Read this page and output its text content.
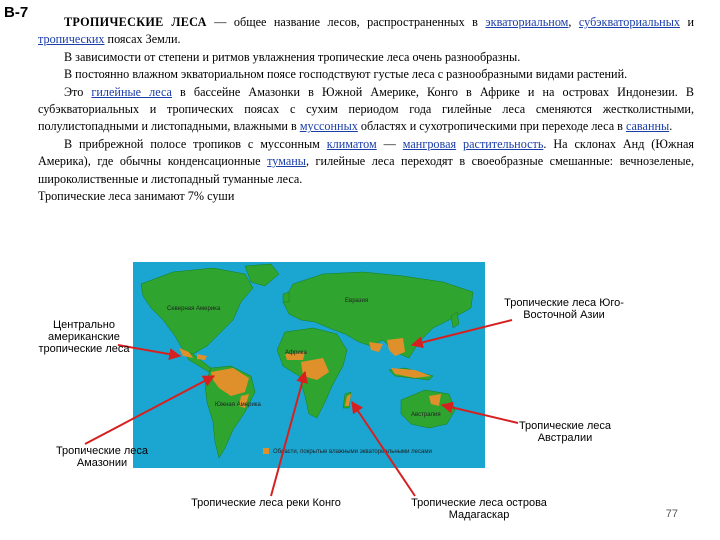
В-7

ТРОПИЧЕСКИЕ ЛЕСА — общее название лесов, распространенных в экваториальном, субэкваториальных и тропических поясах Земли.

В зависимости от степени и ритмов увлажнения тропические леса очень разнообразны.

В постоянно влажном экваториальном поясе господствуют густые леса с разнообразными видами растений.

Это гилейные леса в бассейне Амазонки в Южной Америке, Конго в Африке и на островах Индонезии. В субэкваториальных и тропических поясах с сухим периодом года гилейные леса сменяются жестколистными, полулистопадными и листопадными, влажными в муссонных областях и сухотропическими при переходе леса в саванны.

В прибрежной полосе тропиков с муссонным климатом — мангровая растительность. На склонах Анд (Южная Америка), где обычны конденсационные туманы, гилейные леса переходят в своеобразные смешанные: вечнозеленые, широколиственные и листопадный туманные леса.

Тропические леса занимают 7% суши

Северная Америка
Евразия
Африка
Южная Америка
Австралия
Области, покрытые влажными экваториальными лесами
Центрально американские тропические леса
Тропические леса Юго-Восточной Азии
Тропические леса Австралии
Тропические леса Амазонии
Тропические леса реки Конго	Тропические леса острова Мадагаскар	77
